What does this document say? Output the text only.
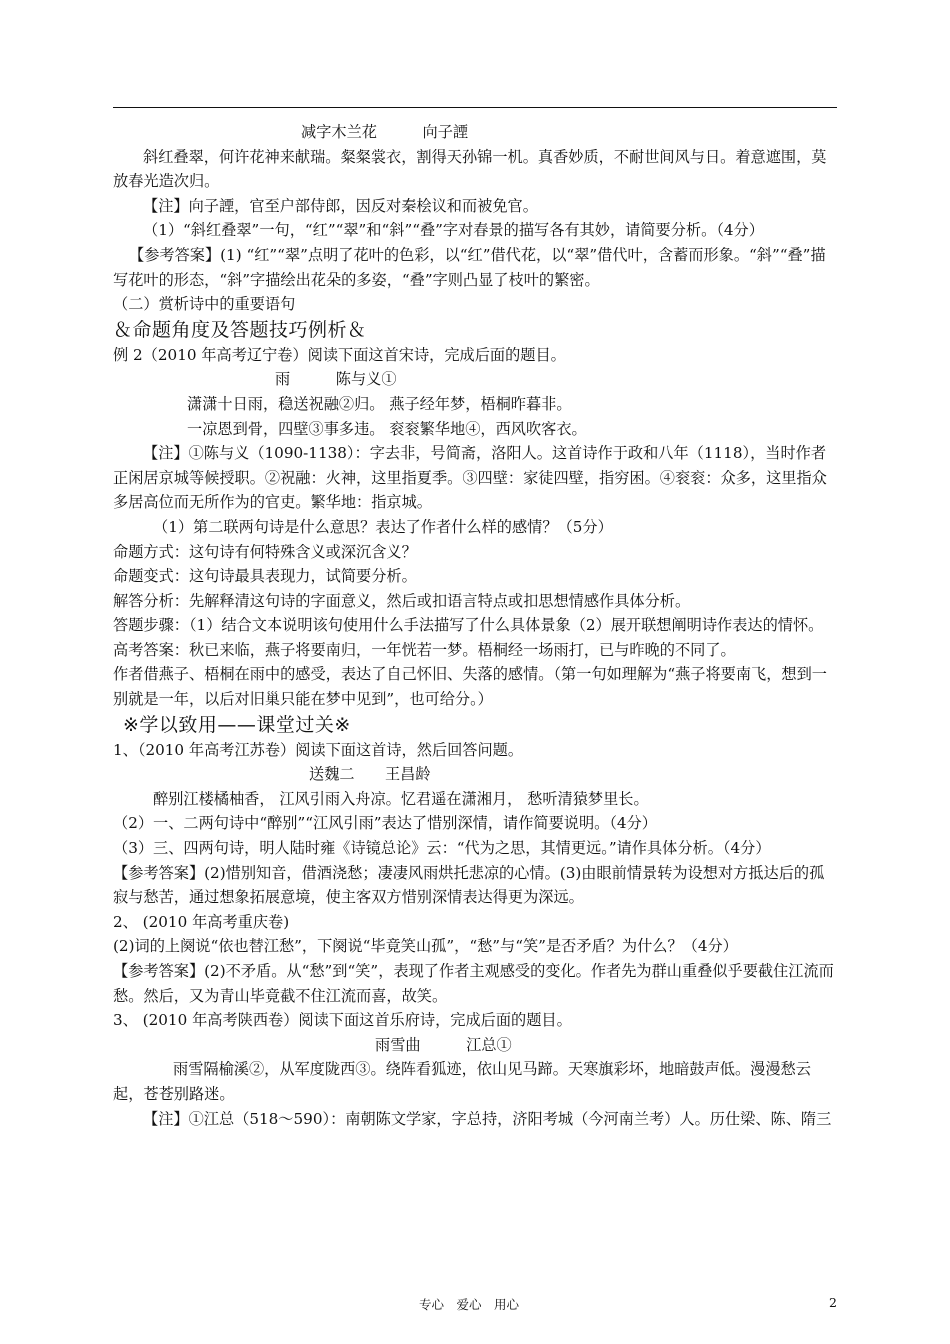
减字木兰花　　　向子諲

斜红叠翠，何许花神来献瑞。粲粲裳衣，割得天孙锦一机。真香妙质，不耐世间风与日。着意遮围，莫放春光造次归。

【注】向子諲，官至户部侍郎，因反对秦桧议和而被免官。

（1）“斜红叠翠”一句，“红”“翠”和“斜”“叠”字对春景的描写各有其妙，请简要分析。（4分）

【参考答案】(1) “红”“翠”点明了花叶的色彩，以“红”借代花，以“翠”借代叶，含蓄而形象。“斜”“叠”描写花叶的形态，“斜”字描绘出花朵的多姿，“叠”字则凸显了枝叶的繁密。

（二）赏析诗中的重要语句

＆命题角度及答题技巧例析＆

例 2（2010 年高考辽宁卷）阅读下面这首宋诗，完成后面的题目。

雨　　　陈与义①

潇潇十日雨，稳送祝融②归。 燕子经年梦，梧桐昨暮非。

一凉恩到骨，四壁③事多违。 衮衮繁华地④，西风吹客衣。

【注】①陈与义（1090-1138）：字去非，号简斋，洛阳人。这首诗作于政和八年（1118），当时作者正闲居京城等候授职。②祝融：火神，这里指夏季。③四壁：家徒四壁，指穷困。④衮衮：众多，这里指众多居高位而无所作为的官吏。繁华地：指京城。

（1）第二联两句诗是什么意思？表达了作者什么样的感情？（5分）

命题方式：这句诗有何特殊含义或深沉含义？

命题变式：这句诗最具表现力，试简要分析。

解答分析：先解释清这句诗的字面意义，然后或扣语言特点或扣思想情感作具体分析。

答题步骤：（1）结合文本说明该句使用什么手法描写了什么具体景象（2）展开联想阐明诗作表达的情怀。

高考答案：秋已来临，燕子将要南归，一年恍若一梦。梧桐经一场雨打，已与昨晚的不同了。

作者借燕子、梧桐在雨中的感受，表达了自己怀旧、失落的感情。（第一句如理解为“燕子将要南飞，想到一别就是一年，以后对旧巢只能在梦中见到”，也可给分。）

※学以致用——课堂过关※

1、（2010 年高考江苏卷）阅读下面这首诗，然后回答问题。

送魏二　　王昌龄

醉别江楼橘柚香， 江风引雨入舟凉。忆君遥在潇湘月， 愁听清猿梦里长。

（2）一、二两句诗中“醉别”“江风引雨”表达了惜别深情，请作简要说明。（4分）

（3）三、四两句诗，明人陆时雍《诗镜总论》云：“代为之思，其情更远。”请作具体分析。（4分）

【参考答案】(2)惜别知音，借酒浇愁；凄凄风雨烘托悲凉的心情。(3)由眼前情景转为设想对方抵达后的孤寂与愁苦，通过想象拓展意境，使主客双方惜别深情表达得更为深远。

2、 (2010 年高考重庆卷)

(2)词的上阕说“依也替江愁”，下阕说“毕竟笑山孤”，“愁”与“笑”是否矛盾？为什么？（4分）

【参考答案】(2)不矛盾。从“愁”到“笑”，表现了作者主观感受的变化。作者先为群山重叠似乎要截住江流而愁。然后，又为青山毕竟截不住江流而喜，故笑。

3、 (2010 年高考陕西卷）阅读下面这首乐府诗，完成后面的题目。

雨雪曲　　　江总①

雨雪隔榆溪②，从军度陇西③。绕阵看狐迹，依山见马蹄。天寒旗彩坏，地暗鼓声低。漫漫愁云起，苍苍别路迷。

【注】①江总（518～590）：南朝陈文学家，字总持，济阳考城（今河南兰考）人。历仕梁、陈、隋三

专心　爱心　用心	2
